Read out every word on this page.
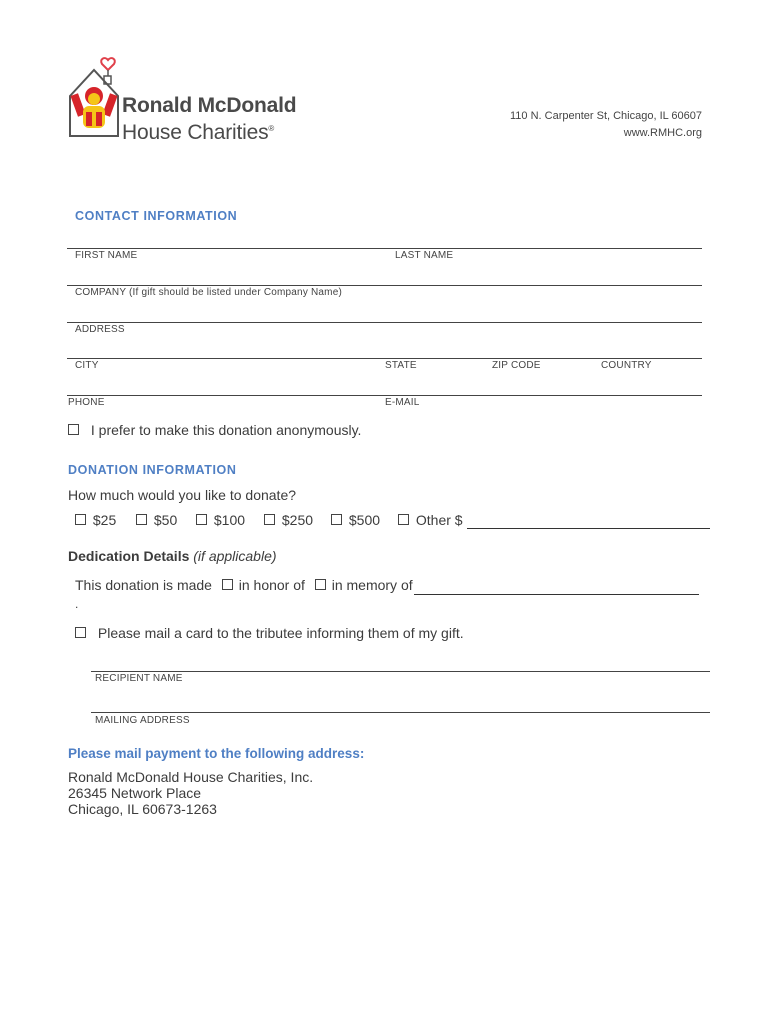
Ronald McDonald
House Charities®
110 N. Carpenter St, Chicago, IL 60607
www.RMHC.org
CONTACT INFORMATION
FIRST NAME	LAST NAME
COMPANY (If gift should be listed under Company Name)
ADDRESS
CITY	STATE	ZIP CODE	COUNTRY
PHONE	E-MAIL
I prefer to make this donation anonymously.
DONATION INFORMATION
How much would you like to donate?
$25	$50	$100	$250	$500	Other $
Dedication Details (if applicable)
This donation is made in honor of in memory of
.
Please mail a card to the tributee informing them of my gift.
RECIPIENT NAME
MAILING ADDRESS
Please mail payment to the following address:
Ronald McDonald House Charities, Inc.
26345 Network Place
Chicago, IL 60673-1263
